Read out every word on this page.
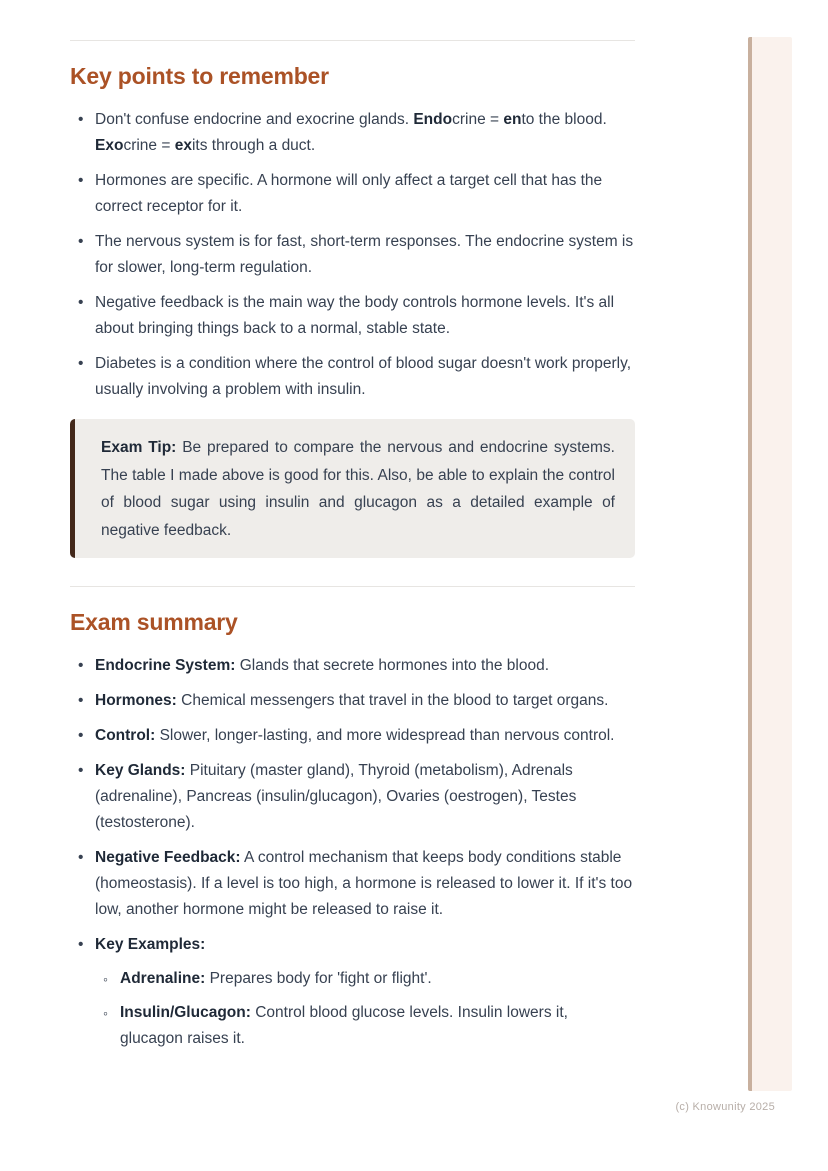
Key points to remember
• Don't confuse endocrine and exocrine glands. Endocrine = ento the blood. Exocrine = exits through a duct.
• Hormones are specific. A hormone will only affect a target cell that has the correct receptor for it.
• The nervous system is for fast, short-term responses. The endocrine system is for slower, long-term regulation.
• Negative feedback is the main way the body controls hormone levels. It's all about bringing things back to a normal, stable state.
• Diabetes is a condition where the control of blood sugar doesn't work properly, usually involving a problem with insulin.

Exam Tip: Be prepared to compare the nervous and endocrine systems. The table I made above is good for this. Also, be able to explain the control of blood sugar using insulin and glucagon as a detailed example of negative feedback.

Exam summary
• Endocrine System: Glands that secrete hormones into the blood.
• Hormones: Chemical messengers that travel in the blood to target organs.
• Control: Slower, longer-lasting, and more widespread than nervous control.
• Key Glands: Pituitary (master gland), Thyroid (metabolism), Adrenals (adrenaline), Pancreas (insulin/glucagon), Ovaries (oestrogen), Testes (testosterone).
• Negative Feedback: A control mechanism that keeps body conditions stable (homeostasis). If a level is too high, a hormone is released to lower it. If it's too low, another hormone might be released to raise it.
• Key Examples:
◦ Adrenaline: Prepares body for 'fight or flight'.
◦ Insulin/Glucagon: Control blood glucose levels. Insulin lowers it, glucagon raises it.
(c) Knowunity 2025
